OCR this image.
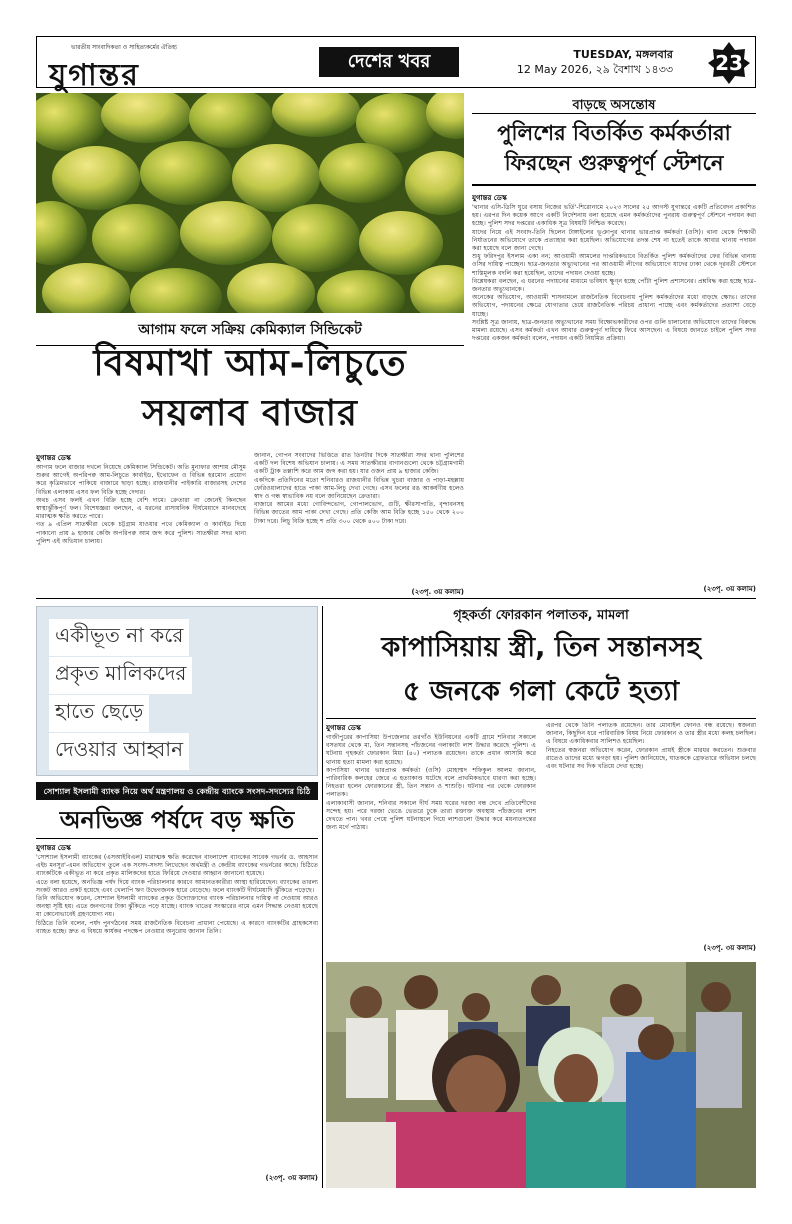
ভারতীয় সাংবাদিকতা ও সাহিত্যকর্মের ঐতিহ্য
যুগান্তর	দেশের খবর	TUESDAY, মঙ্গলবার
12 May 2026, ২৯ বৈশাখ ১৪৩৩	23
বাড়ছে অসন্তোষ
পুলিশের বিতর্কিত কর্মকর্তারা
ফিরছেন গুরুত্বপূর্ণ স্টেশনে
যুগান্তর ডেস্ক

'থানার এসি-ডিসি ঘুরে বসায় নিজের ভর্তি'-শিরোনামে ২০২৩ সালের ২৫ আগস্ট যুগান্তরে একটি প্রতিবেদন প্রকাশিত হয়। এরপর দিন কয়েক আগে একটি নির্দেশনায় বলা হয়েছে এমন কর্মকর্তাদের পুনরায় গুরুত্বপূর্ণ স্টেশনে পদায়ন করা হচ্ছে। পুলিশ সদর দপ্তরের একাধিক সূত্র বিষয়টি নিশ্চিত করেছে।

যাদের নিয়ে এই সংবাদ-তিনি ছিলেন টাঙ্গাইলের ভূঞাপুর থানার ভারপ্রাপ্ত কর্মকর্তা (ওসি)। থানা থেকে শিক্ষার্থী নির্যাতনের অভিযোগে তাকে প্রত্যাহার করা হয়েছিল। অভিযোগের তদন্ত শেষ না হতেই তাকে আবার থানায় পদায়ন করা হয়েছে বলে জানা গেছে।

শুধু ফরিদপুর ইসলাম একা নন; আওয়ামী আমলের দাপ্তরিকভাবে বিতর্কিত পুলিশ কর্মকর্তাদের ফের বিভিন্ন থানায় ওসির দায়িত্ব পাচ্ছেন। ছাত্র-জনতার অভ্যুত্থানের পর আওয়ামী লীগের অভিযোগে যাদের ঢাকা থেকে দূরবর্তী স্টেশনে শাস্তিমূলক বদলি করা হয়েছিল, তাদের পদায়ন দেওয়া হচ্ছে।

বিশ্লেষকরা বলছেন, এ ধরনের পদায়নের মাধ্যমে ভবিষ্যৎ ক্ষুণ্ন হচ্ছে পোঁটা পুলিশ প্রশাসনের। প্রশ্নবিদ্ধ করা হচ্ছে ছাত্র-জনতার অভ্যুত্থানকে।

অনেকের অভিযোগ, আওয়ামী শাসনামলে রাজনৈতিক বিবেচনায় পুলিশ কর্মকর্তাদের মধ্যে বাড়ছে ক্ষোভ। তাদের অভিযোগ, পদায়নের ক্ষেত্রে যোগ্যতার চেয়ে রাজনৈতিক পরিচয় প্রাধান্য পাচ্ছে এবং কর্মকর্তাদের প্রত্যাশা বেড়ে যাচ্ছে।

সংশ্লিষ্ট সূত্র জানায়, ছাত্র-জনতার অভ্যুত্থানের সময় বিক্ষোভকারীদের ওপর গুলি চালানোর অভিযোগে তাদের বিরুদ্ধে মামলা রয়েছে। এসব কর্মকর্তা এখন আবার গুরুত্বপূর্ণ দায়িত্বে ফিরে আসছেন। এ বিষয়ে জানতে চাইলে পুলিশ সদর দপ্তরের একজন কর্মকর্তা বলেন, পদায়ন একটি নিয়মিত প্রক্রিয়া।

(২৩পৃ. ৩য় কলাম)
আগাম ফলে সক্রিয় কেমিক্যাল সিন্ডিকেট
বিষমাখা আম-লিচুতে
সয়লাব বাজার
যুগান্তর ডেস্ক

আগাম ফলে বাজার দখলে নিয়েছে কেমিক্যাল সিন্ডিকেট। অতি মুনাফার আশায় মৌসুম শুরুর আগেই অপরিপক্ব আম-লিচুতে কার্বাইড, ইথোফেন ও বিভিন্ন হরমোন প্রয়োগ করে কৃত্রিমভাবে পাকিয়ে বাজারে ছাড়া হচ্ছে। রাজধানীর পাইকারি বাজারসহ দেশের বিভিন্ন এলাকায় এসব ফল বিক্রি হচ্ছে দেদার।

অথচ এসব ফলই এখন বিক্রি হচ্ছে বেশি দামে। ক্রেতারা না জেনেই কিনছেন স্বাস্থ্যঝুঁকিপূর্ণ ফল। বিশেষজ্ঞরা বলছেন, এ ধরনের রাসায়নিক দীর্ঘমেয়াদে মানবদেহে মারাত্মক ক্ষতি করতে পারে।

গত ৯ এপ্রিল সাতক্ষীরা থেকে চট্টগ্রাম যাওয়ার পথে কেমিক্যাল ও কার্বাইড দিয়ে পাকানো প্রায় ৯ হাজার কেজি অপরিপক্ব আম জব্দ করে পুলিশ। সাতক্ষীরা সদর থানা পুলিশ এই অভিযান চালায়।

জানান, গোপন সংবাদের ভিত্তিতে রাত তিনটার দিকে সাতক্ষীরা সদর থানা পুলিশের একটি দল বিশেষ অভিযান চালায়। এ সময় সাতক্ষীরার বাগানগুলো থেকে চট্টগ্রামগামী একটি ট্রাক তল্লাশি করে আম জব্দ করা হয়। যার ওজন প্রায় ৯ হাজার কেজি।

একদিকে প্রতিদিনের মতো শনিবারও রাজধানীর বিভিন্ন খুচরা বাজার ও পাড়া-মহল্লায় ফেরিওয়ালাদের হাতে পাকা আম-লিচু দেখা গেছে। এসব ফলের রঙ আকর্ষণীয় হলেও স্বাদ ও গন্ধ স্বাভাবিক নয় বলে জানিয়েছেন ক্রেতারা।

বাজারে আমের মধ্যে গোবিন্দভোগ, গোপালভোগ, গুটি, ক্ষীরসাপাতি, বৃন্দাবনসহ বিভিন্ন জাতের আম পাকা দেখা গেছে। প্রতি কেজি আম বিক্রি হচ্ছে ১৫০ থেকে ২০০ টাকা দরে। লিচু বিক্রি হচ্ছে শ প্রতি ৩০০ থেকে ৪০০ টাকা দরে।

(২৩পৃ. ৩য় কলাম)
একীভূত না করে
প্রকৃত মালিকদের
হাতে ছেড়ে
দেওয়ার আহ্বান
সোশ্যাল ইসলামী ব্যাংক নিয়ে অর্থ মন্ত্রণালয় ও কেন্দ্রীয় ব্যাংকে সংসদ-সদস্যের চিঠি
অনভিজ্ঞ পর্ষদে বড় ক্ষতি
যুগান্তর ডেস্ক

'সোশ্যাল ইসলামী ব্যাংকের (এসআইবিএল) মারাত্মক ক্ষতি করেছেন বাংলাদেশ ব্যাংকের সাবেক গভর্নর ড. আহসান এইচ মনসুর'-এমন অভিযোগ তুলে এক সংসদ-সদস্য লিখেছেন অর্থমন্ত্রী ও কেন্দ্রীয় ব্যাংকের গভর্নরের কাছে। চিঠিতে ব্যাংকটিকে একীভূত না করে প্রকৃত মালিকদের হাতে ফিরিয়ে দেওয়ার আহ্বান জানানো হয়েছে।

এতে বলা হয়েছে, অনভিজ্ঞ পর্ষদ দিয়ে ব্যাংক পরিচালনার কারণে আমানতকারীরা আস্থা হারিয়েছেন। ব্যাংকের তারল্য সংকট আরও প্রকট হয়েছে এবং খেলাপি ঋণ উদ্বেগজনক হারে বেড়েছে। ফলে ব্যাংকটি দীর্ঘমেয়াদি ঝুঁকিতে পড়েছে।

তিনি অভিযোগ করেন, সোশ্যাল ইসলামী ব্যাংকের প্রকৃত উদ্যোক্তাদের ব্যাংক পরিচালনার দায়িত্ব না দেওয়ায় আরও অনস্থা সৃষ্টি হয়। এতে জনগণের টাকা ঝুঁকিতে পড়ে যাচ্ছে। ব্যাংক খাতের সংস্কারের নামে এমন সিদ্ধান্ত নেওয়া হয়েছে যা কোনোভাবেই গ্রহণযোগ্য নয়।

চিঠিতে তিনি বলেন, পর্ষদ পুনর্গঠনের সময় রাজনৈতিক বিবেচনা প্রাধান্য পেয়েছে। এ কারণে ব্যাংকটির গ্রাহকসেবা ব্যাহত হচ্ছে। দ্রুত এ বিষয়ে কার্যকর পদক্ষেপ নেওয়ার অনুরোধ জানান তিনি।

(২৩পৃ. ৩য় কলাম)
গৃহকর্তা ফোরকান পলাতক, মামলা
কাপাসিয়ায় স্ত্রী, তিন সন্তানসহ
৫ জনকে গলা কেটে হত্যা
যুগান্তর ডেস্ক

গাজীপুরের কাপাসিয়া উপজেলার তরগাঁও ইউনিয়নের একটি গ্রামে শনিবার সকালে বসতঘর থেকে মা, তিন সন্তানসহ পাঁচজনের গলাকাটা লাশ উদ্ধার করেছে পুলিশ। এ ঘটনায় গৃহকর্তা ফোরকান মিয়া (৪০) পলাতক রয়েছেন। তাকে প্রধান আসামি করে থানায় হত্যা মামলা করা হয়েছে।

কাপাসিয়া থানার ভারপ্রাপ্ত কর্মকর্তা (ওসি) মোহাম্মদ শফিকুল আলম জানান, পারিবারিক কলহের জেরে এ হত্যাকাণ্ড ঘটেছে বলে প্রাথমিকভাবে ধারণা করা হচ্ছে। নিহতরা হলেন ফোরকানের স্ত্রী, তিন সন্তান ও শাশুড়ি। ঘটনার পর থেকে ফোরকান পলাতক।

এলাকাবাসী জানান, শনিবার সকালে দীর্ঘ সময় ঘরের দরজা বন্ধ দেখে প্রতিবেশীদের সন্দেহ হয়। পরে দরজা ভেঙে ভেতরে ঢুকে তারা রক্তাক্ত অবস্থায় পাঁচজনের লাশ দেখতে পান। খবর পেয়ে পুলিশ ঘটনাস্থলে গিয়ে লাশগুলো উদ্ধার করে ময়নাতদন্তের জন্য মর্গে পাঠায়।

এরপর থেকে তিনি পলাতক রয়েছেন। তার মোবাইল ফোনও বন্ধ রয়েছে। স্বজনরা জানান, কিছুদিন ধরে পারিবারিক বিষয় নিয়ে ফোরকান ও তার স্ত্রীর মধ্যে কলহ চলছিল। এ বিষয়ে একাধিকবার সালিশও হয়েছিল।

নিহতের স্বজনরা অভিযোগ করেন, ফোরকান প্রায়ই স্ত্রীকে মারধর করতেন। শুক্রবার রাতেও তাদের মধ্যে ঝগড়া হয়। পুলিশ জানিয়েছে, ঘাতককে গ্রেফতারে অভিযান চলছে এবং ঘটনার সব দিক খতিয়ে দেখা হচ্ছে।

(২৩পৃ. ৩য় কলাম)
